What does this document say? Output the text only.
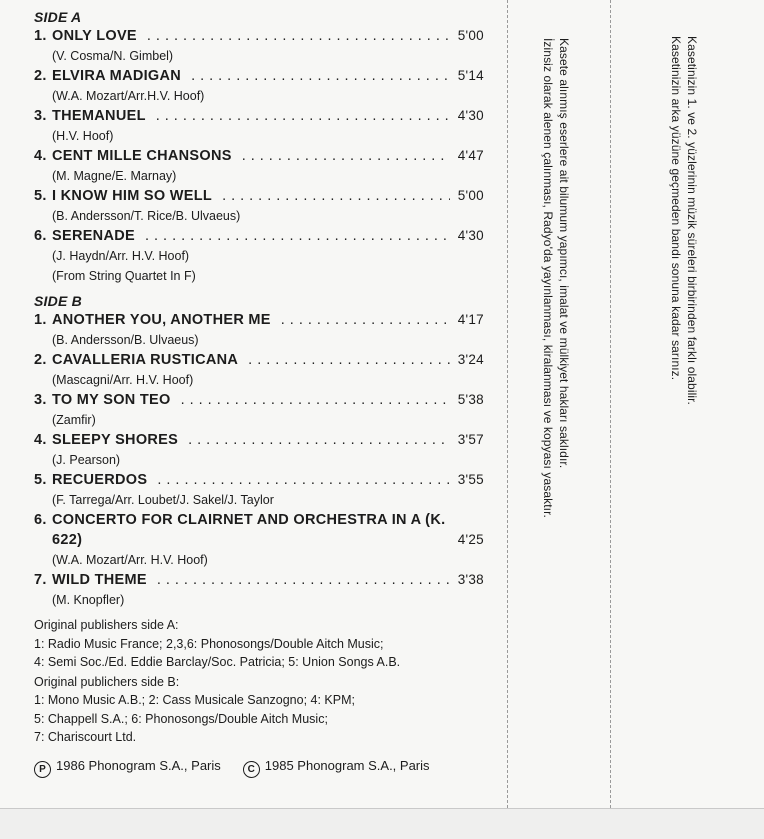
SIDE A
1. ONLY LOVE .....	5'00
(V. Cosma/N. Gimbel)
2. ELVIRA MADIGAN .....	5'14
(W.A. Mozart/Arr.H.V. Hoof)
3. THEMANUEL .....	4'30
(H.V. Hoof)
4. CENT MILLE CHANSONS .....	4'47
(M. Magne/E. Marnay)
5. I KNOW HIM SO WELL .....	5'00
(B. Andersson/T. Rice/B. Ulvaeus)
6. SERENADE .....	4'30
(J. Haydn/Arr. H.V. Hoof)
(From String Quartet In F)
SIDE B
1. ANOTHER YOU, ANOTHER ME .....	4'17
(B. Andersson/B. Ulvaeus)
2. CAVALLERIA RUSTICANA .....	3'24
(Mascagni/Arr. H.V. Hoof)
3. TO MY SON TEO .....	5'38
(Zamfir)
4. SLEEPY SHORES .....	3'57
(J. Pearson)
5. RECUERDOS .....	3'55
(F. Tarrega/Arr. Loubet/J. Sakel/J. Taylor
6. CONCERTO FOR CLAIRNET AND ORCHESTRA IN A (K.
622)	4'25
(W.A. Mozart/Arr. H.V. Hoof)
7. WILD THEME .....	3'38
(M. Knopfler)
Original publishers side A:
1: Radio Music France; 2,3,6: Phonosongs/Double Aitch Music;
4: Semi Soc./Ed. Eddie Barclay/Soc. Patricia; 5: Union Songs A.B.
Original publichers side B:
1: Mono Music A.B.; 2: Cass Musicale Sanzogno; 4: KPM;
5: Chappell S.A.; 6: Phonosongs/Double Aitch Music;
7: Chariscourt Ltd.
P 1986 Phonogram S.A., Paris	C 1985 Phonogram S.A., Paris
Kasete alınmış eserlere ait bilumum yapımcı, imalat ve mülkiyet hakları saklıdır.
İzinsiz olarak alenen çalınması, Radyo'da yayınlanması, kiralanması ve kopyası yasaktır.	Kasetinizin 1. ve 2. yüzlerinin müzik süreleri birbirinden farklı olabilir.
Kasetinizin arka yüzüne geçmeden bandı sonuna kadar sarınız.
